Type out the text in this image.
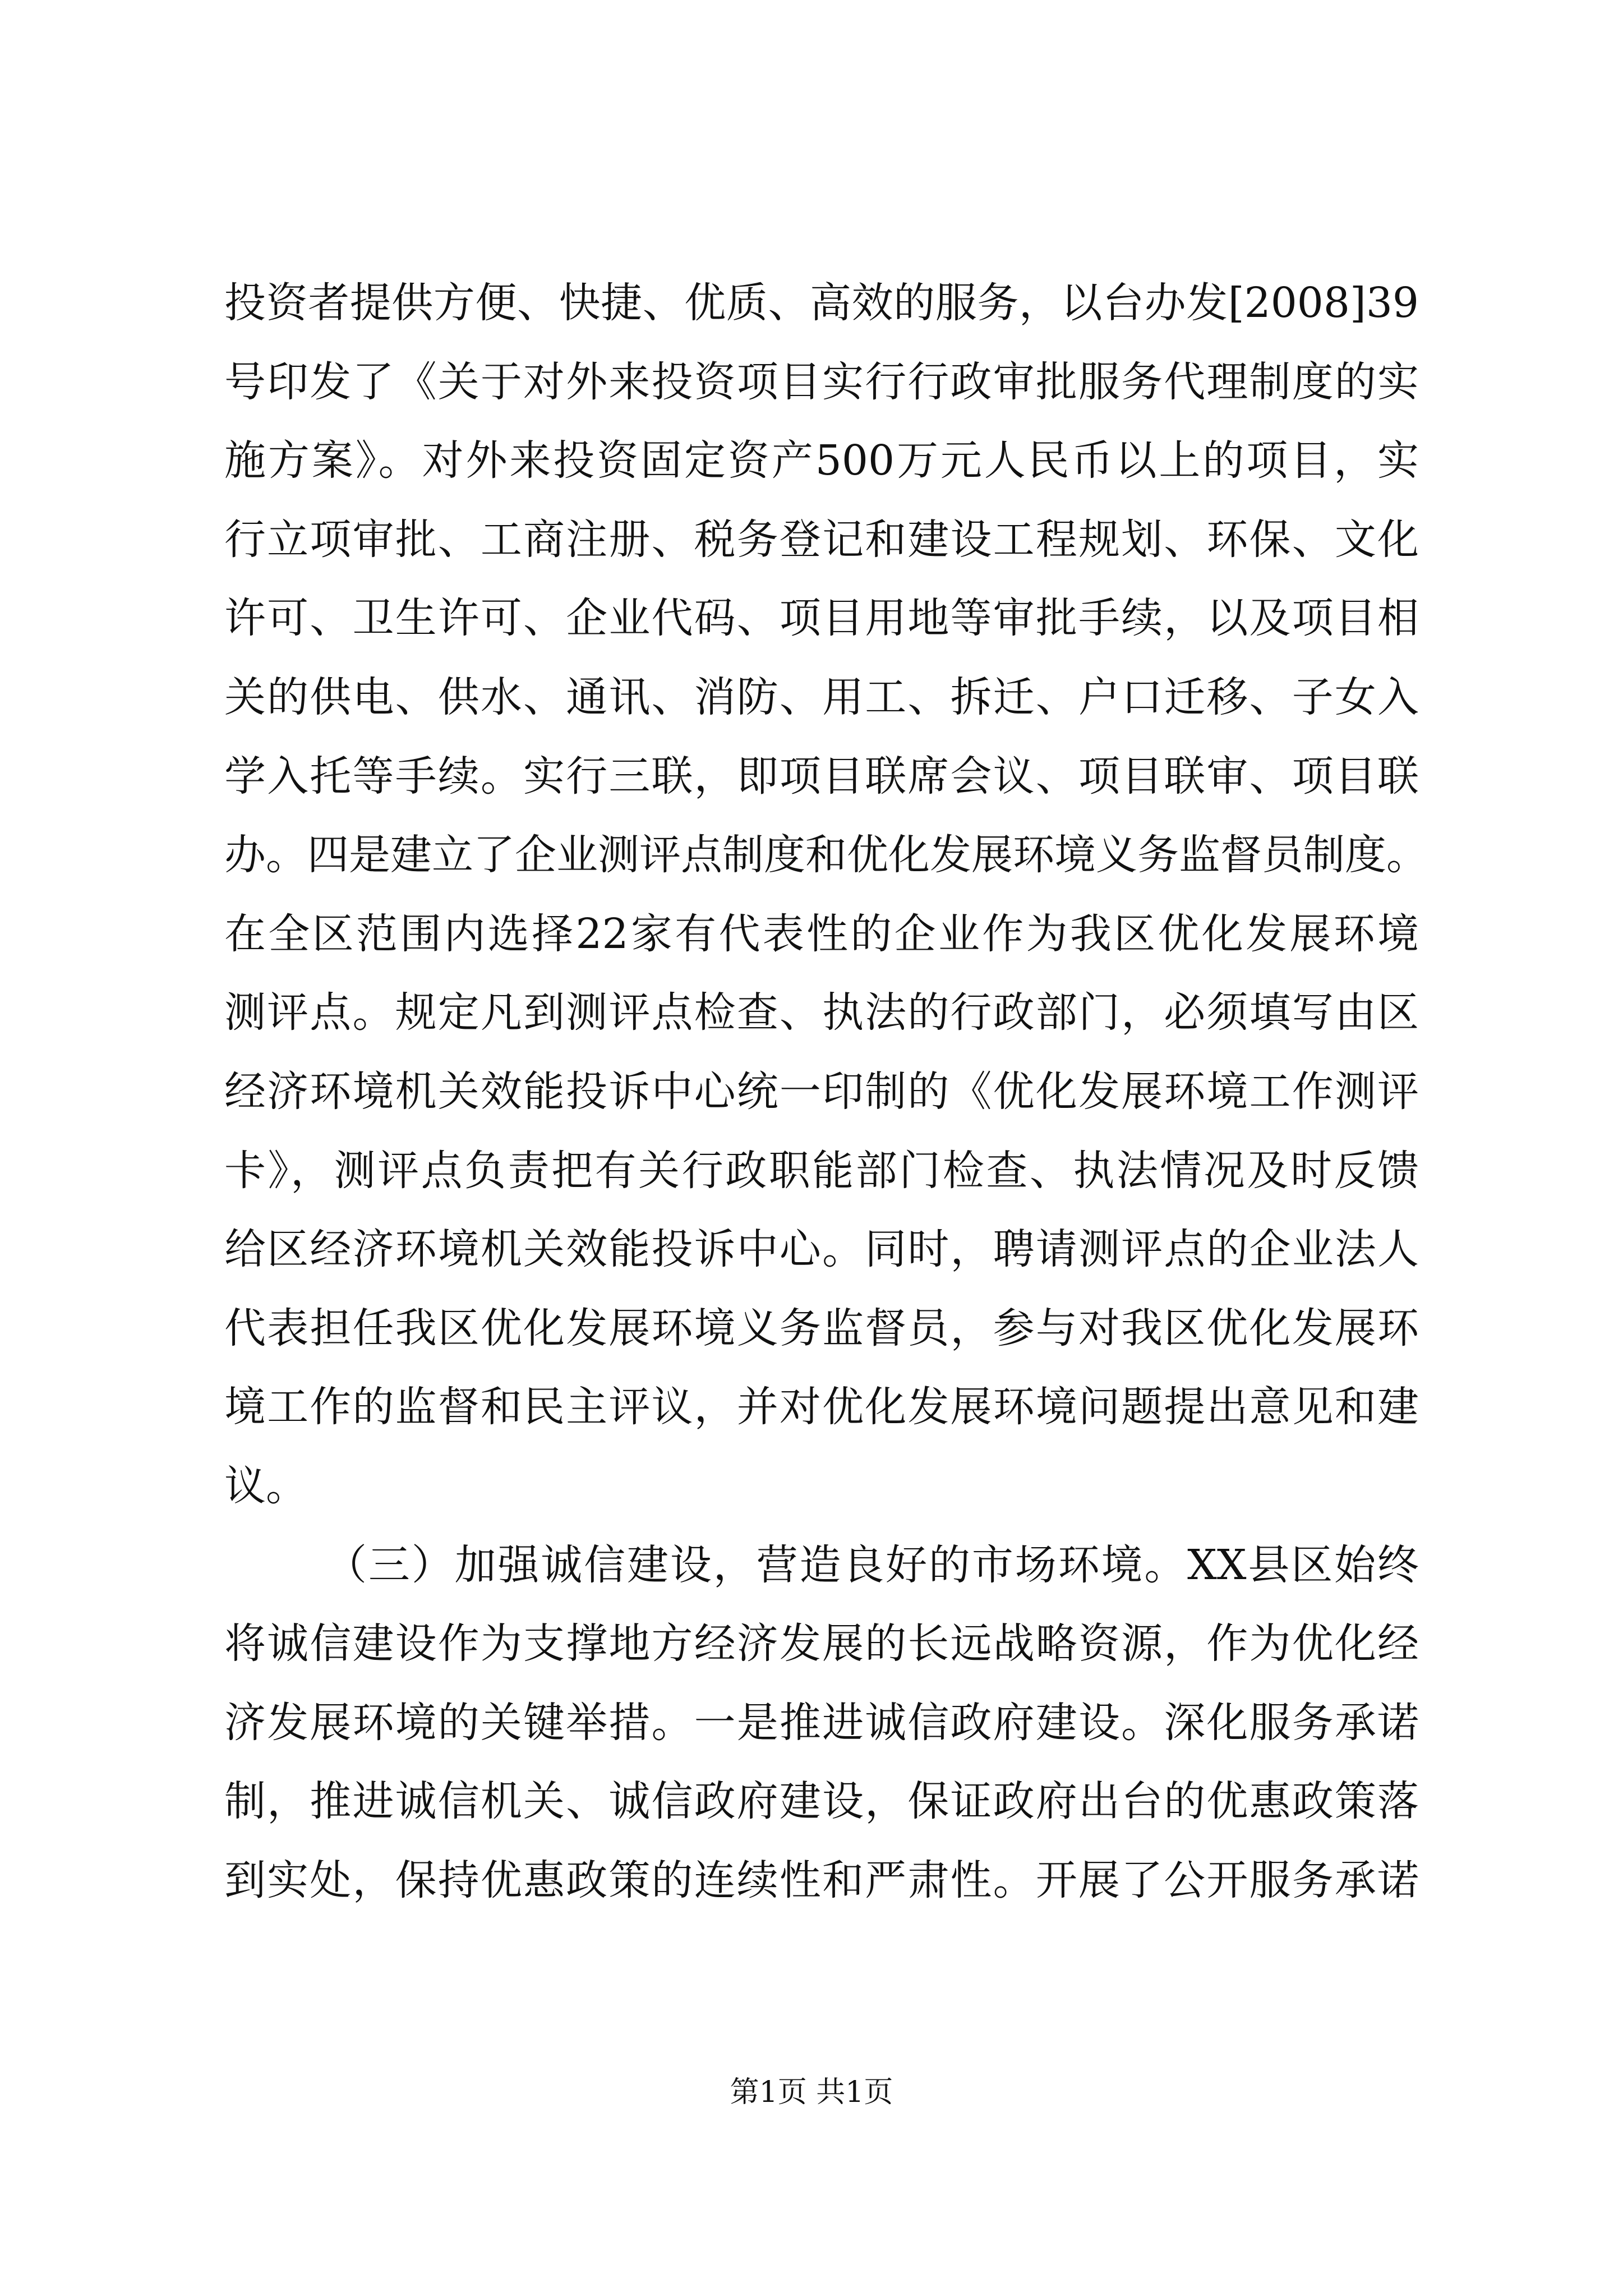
投资者提供方便、快捷、优质、高效的服务，以台办发[2008]39
号印发了《关于对外来投资项目实行行政审批服务代理制度的实
施方案》。对外来投资固定资产500万元人民币以上的项目，实
行立项审批、工商注册、税务登记和建设工程规划、环保、文化
许可、卫生许可、企业代码、项目用地等审批手续，以及项目相
关的供电、供水、通讯、消防、用工、拆迁、户口迁移、子女入
学入托等手续。实行三联，即项目联席会议、项目联审、项目联
办。四是建立了企业测评点制度和优化发展环境义务监督员制度。
在全区范围内选择22家有代表性的企业作为我区优化发展环境
测评点。规定凡到测评点检查、执法的行政部门，必须填写由区
经济环境机关效能投诉中心统一印制的《优化发展环境工作测评
卡》，测评点负责把有关行政职能部门检查、执法情况及时反馈
给区经济环境机关效能投诉中心。同时，聘请测评点的企业法人
代表担任我区优化发展环境义务监督员，参与对我区优化发展环
境工作的监督和民主评议，并对优化发展环境问题提出意见和建
议。
（三）加强诚信建设，营造良好的市场环境。XX县区始终
将诚信建设作为支撑地方经济发展的长远战略资源，作为优化经
济发展环境的关键举措。一是推进诚信政府建设。深化服务承诺
制，推进诚信机关、诚信政府建设，保证政府出台的优惠政策落
到实处，保持优惠政策的连续性和严肃性。开展了公开服务承诺
第1页 共1页
